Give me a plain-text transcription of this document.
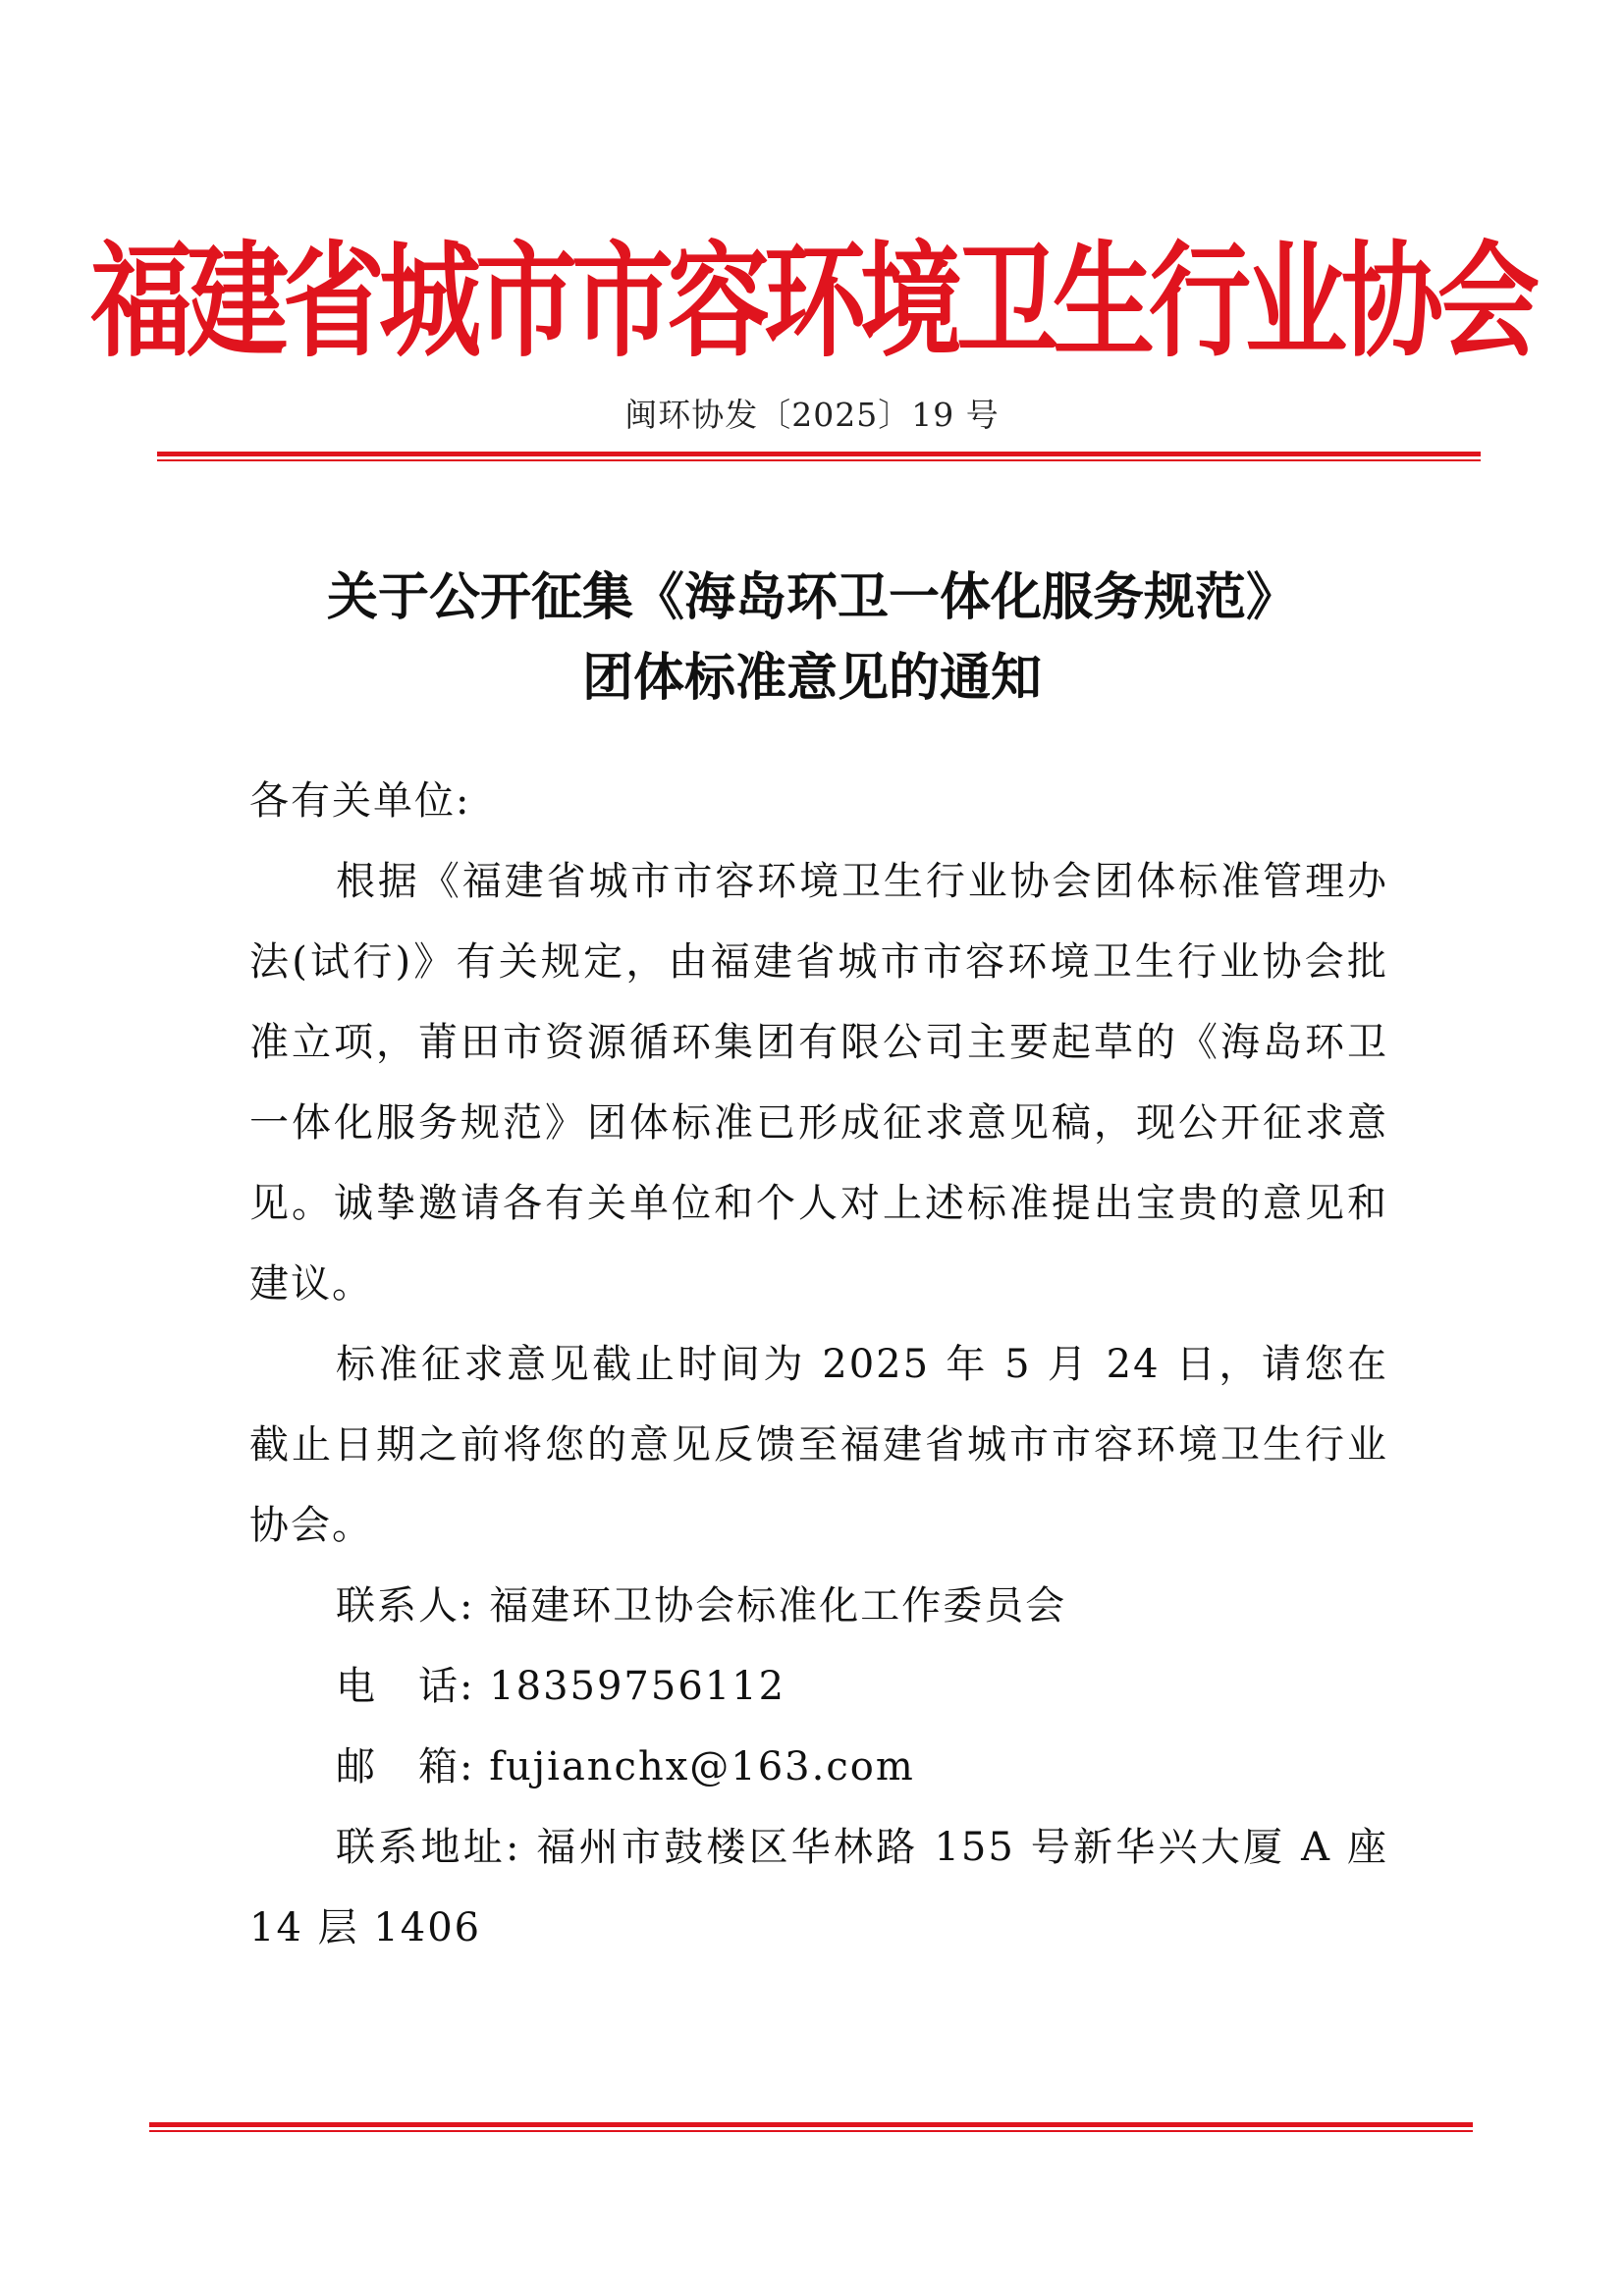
福建省城市市容环境卫生行业协会
闽环协发〔2025〕19 号
关于公开征集《海岛环卫一体化服务规范》
团体标准意见的通知

各有关单位:

根据《福建省城市市容环境卫生行业协会团体标准管理办法(试行)》有关规定，由福建省城市市容环境卫生行业协会批准立项，莆田市资源循环集团有限公司主要起草的《海岛环卫一体化服务规范》团体标准已形成征求意见稿，现公开征求意见。诚挚邀请各有关单位和个人对上述标准提出宝贵的意见和建议。

标准征求意见截止时间为 2025 年 5 月 24 日，请您在截止日期之前将您的意见反馈至福建省城市市容环境卫生行业协会。

联系人: 福建环卫协会标准化工作委员会

电　话: 18359756112

邮　箱: fujianchx@163.com

联系地址: 福州市鼓楼区华林路 155 号新华兴大厦 A 座 14 层 1406
